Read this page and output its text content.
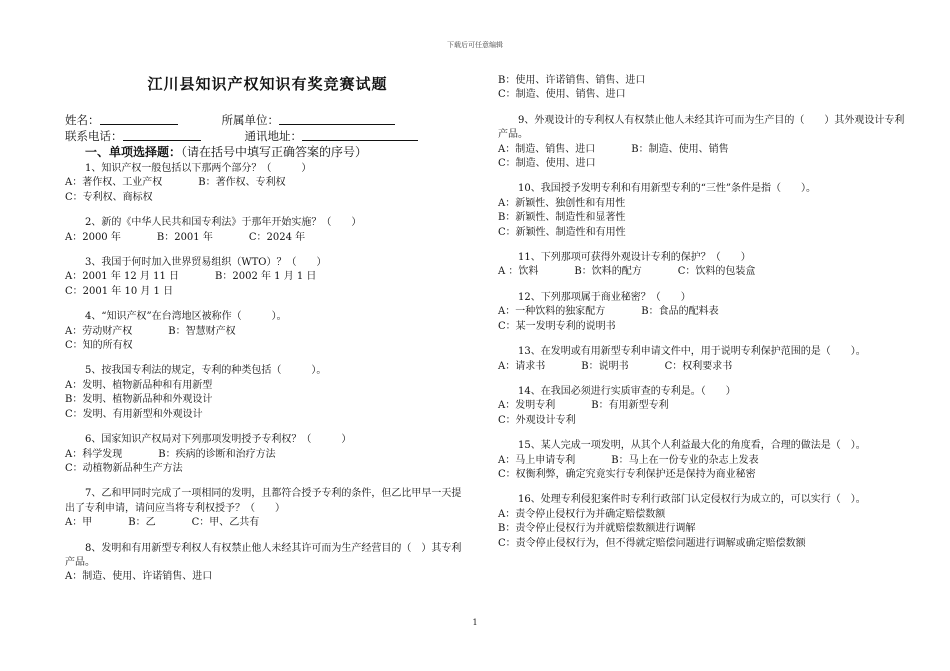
下载后可任意编辑
江川县知识产权知识有奖竞赛试题
姓名：	所属单位：
联系电话：	通讯地址：
一、单项选择题：（请在括号中填写正确答案的序号）
1、知识产权一般包括以下那两个部分？（　　　）
A：著作权、工业产权	B：著作权、专利权
C：专利权、商标权
2、新的《中华人民共和国专利法》于那年开始实施？（　　）
A：2000 年	B：2001 年	C：2024 年
3、我国于何时加入世界贸易组织（WTO）？（　　）
A：2001 年 12 月 11 日	B：2002 年 1 月 1 日
C：2001 年 10 月 1 日
4、“知识产权”在台湾地区被称作（　　　）。
A：劳动财产权	B：智慧财产权
C：知的所有权
5、按我国专利法的规定，专利的种类包括（　　　）。
A：发明、植物新品种和有用新型
B：发明、植物新品种和外观设计
C：发明、有用新型和外观设计
6、国家知识产权局对下列那项发明授予专利权？（　　　）
A：科学发现	B：疾病的诊断和治疗方法
C：动植物新品种生产方法
7、乙和甲同时完成了一项相同的发明，且都符合授予专利的条件，但乙比甲早一天提出了专利申请，请问应当将专利权授予？（　　）
A：甲	B：乙	C：甲、乙共有
8、发明和有用新型专利权人有权禁止他人未经其许可而为生产经营目的（　）其专利产品。
A：制造、使用、许诺销售、进口
B：使用、许诺销售、销售、进口
C：制造、使用、销售、进口
9、外观设计的专利权人有权禁止他人未经其许可而为生产目的（　　）其外观设计专利产品。
A：制造、销售、进口	B：制造、使用、销售
C：制造、使用、进口
10、我国授予发明专利和有用新型专利的“三性”条件是指（　　）。
A：新颖性、独创性和有用性
B：新颖性、制造性和显著性
C：新颖性、制造性和有用性
11、下列那项可获得外观设计专利的保护？（　　）
A ：饮料	B：饮料的配方	C：饮料的包装盒
12、下列那项属于商业秘密？（　　）
A：一种饮料的独家配方	B：食品的配料表
C：某一发明专利的说明书
13、在发明或有用新型专利申请文件中，用于说明专利保护范围的是（　　）。
A：请求书	B：说明书	C：权利要求书
14、在我国必须进行实质审查的专利是。（　　）
A：发明专利	B：有用新型专利
C：外观设计专利
15、某人完成一项发明，从其个人利益最大化的角度看，合理的做法是（　）。
A：马上申请专利	B：马上在一份专业的杂志上发表
C：权衡利弊，确定究竟实行专利保护还是保持为商业秘密
16、处理专利侵犯案件时专利行政部门认定侵权行为成立的，可以实行（　）。
A：责令停止侵权行为并确定赔偿数额
B：责令停止侵权行为并就赔偿数额进行调解
C：责令停止侵权行为，但不得就定赔偿问题进行调解或确定赔偿数额
1
